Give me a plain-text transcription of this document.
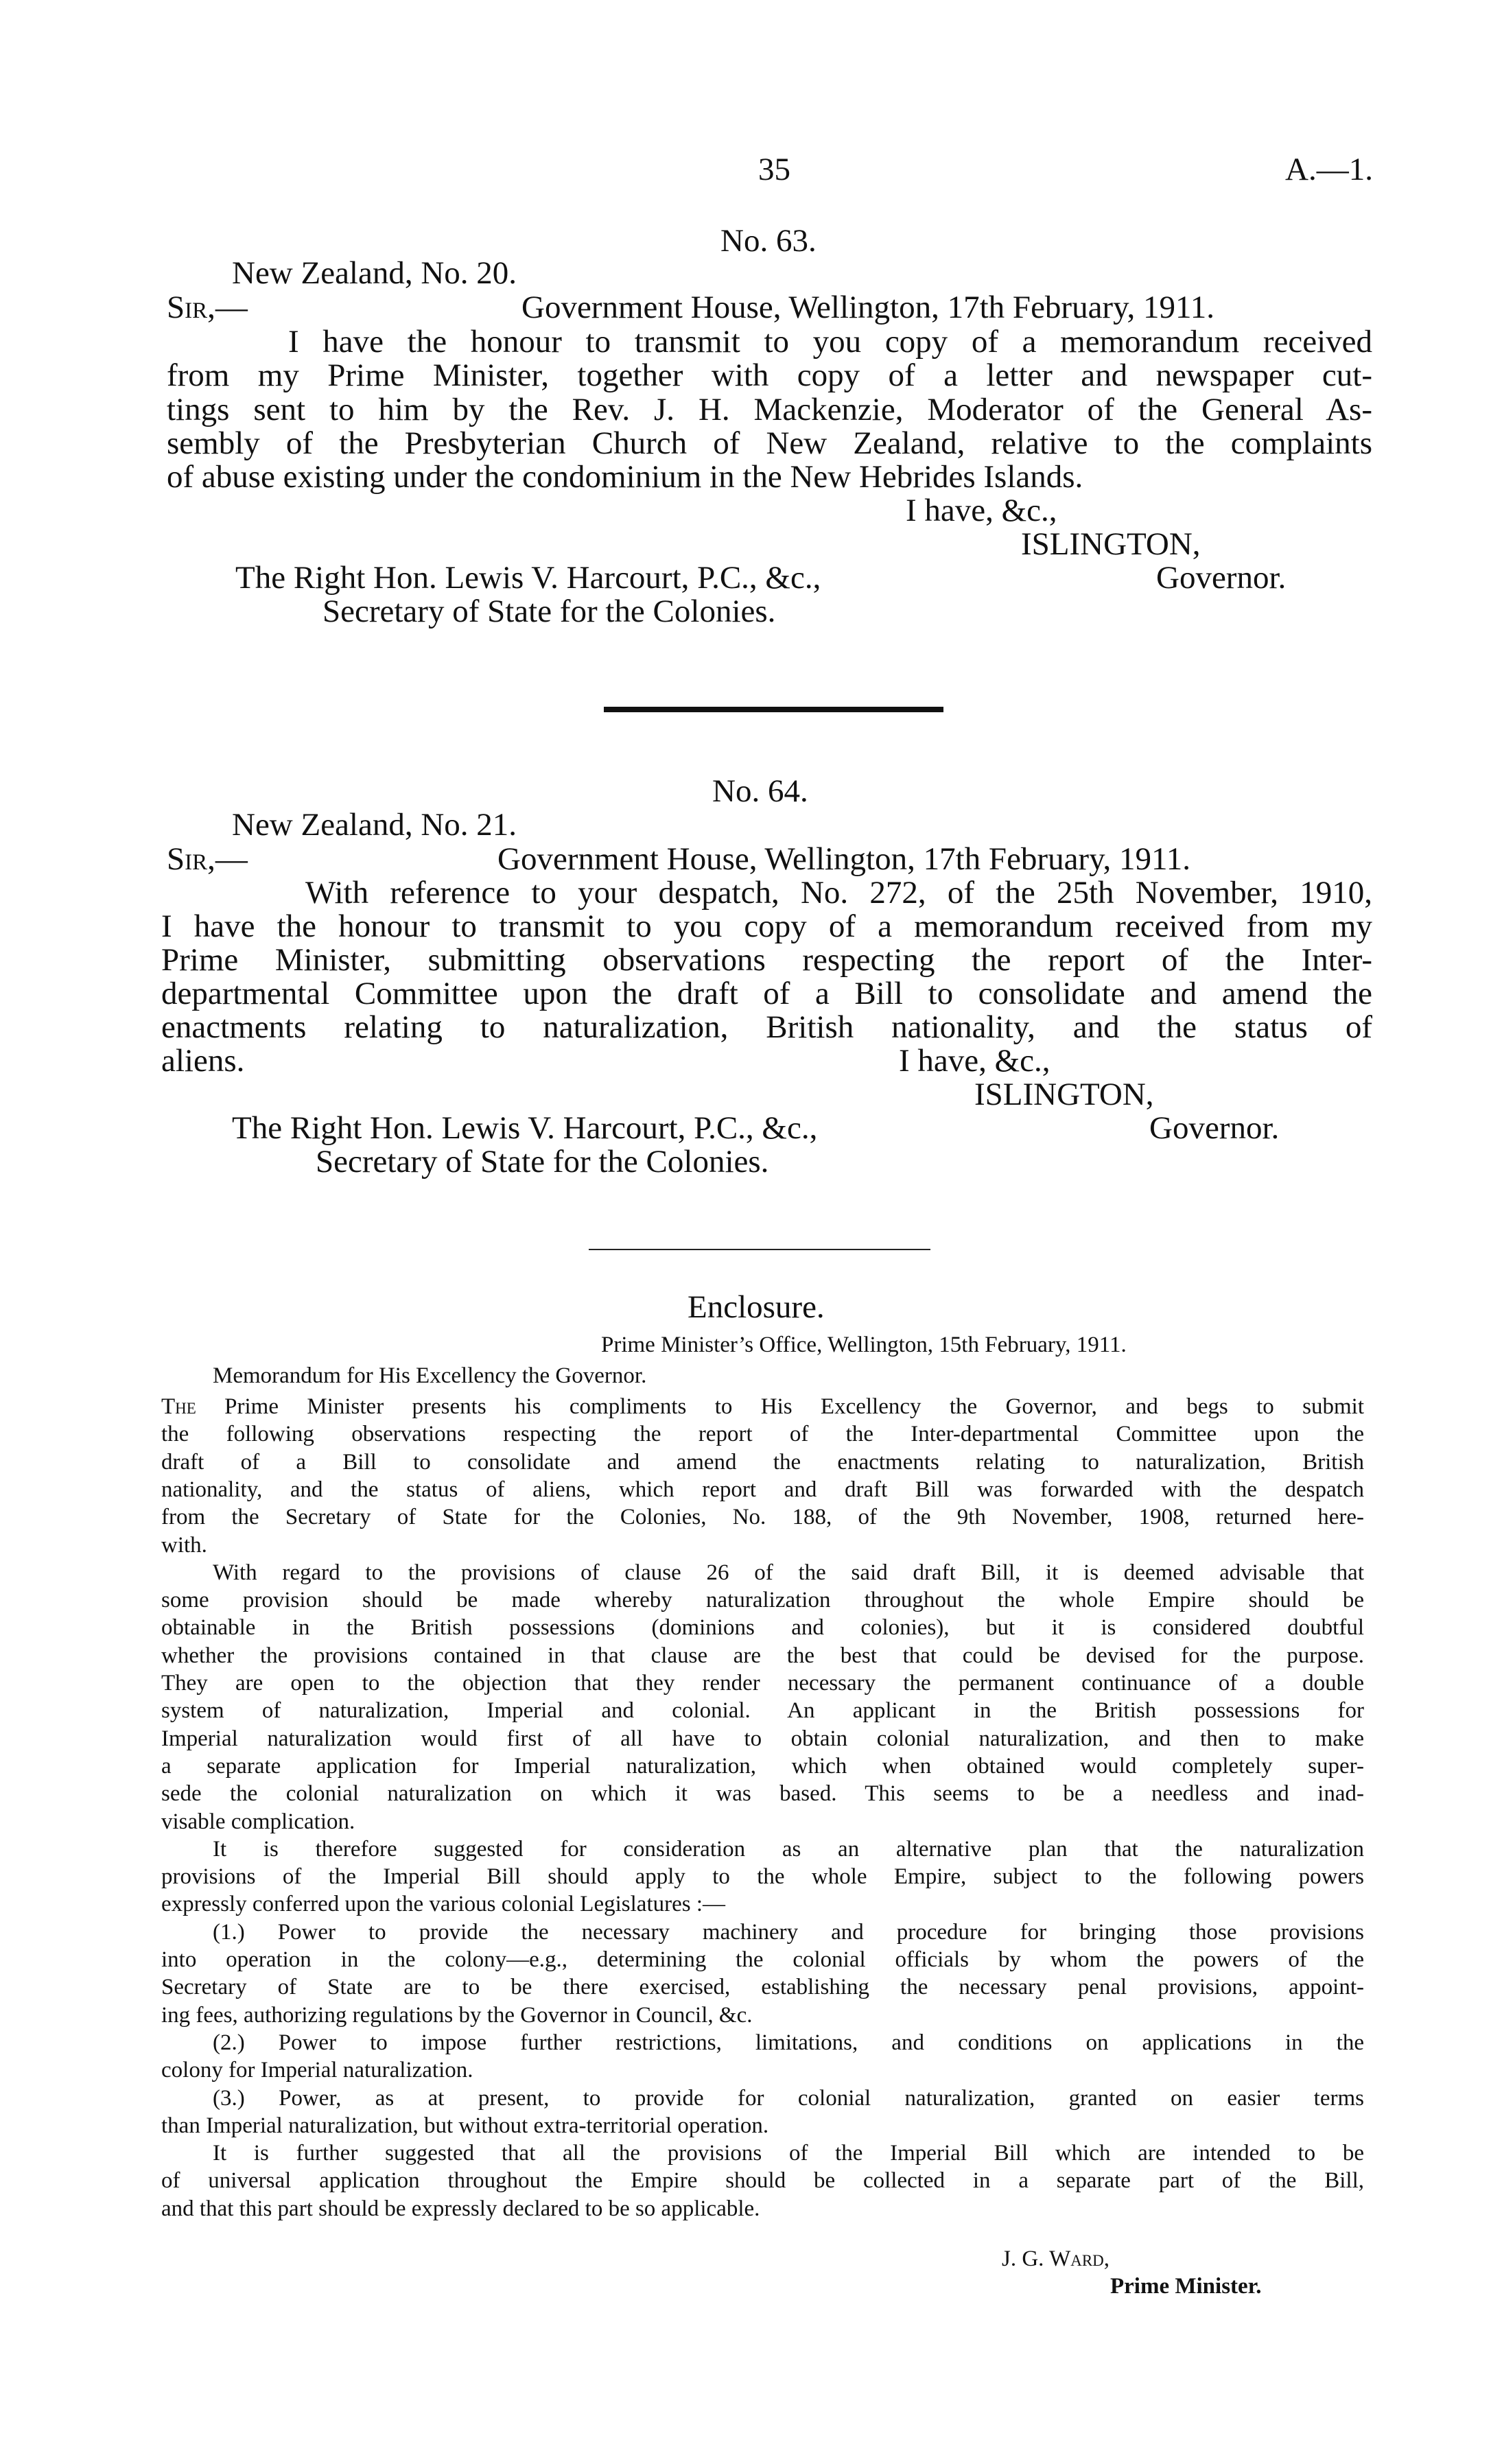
35	A.—1.
No. 63.
New Zealand, No. 20.
Sir,—	Government House, Wellington, 17th February, 1911.
I have the honour to transmit to you copy of a memorandum received
from my Prime Minister, together with copy of a letter and newspaper cut-
tings sent to him by the Rev. J. H. Mackenzie, Moderator of the General As-
sembly of the Presbyterian Church of New Zealand, relative to the complaints
of abuse existing under the condominium in the New Hebrides Islands.
I have, &c.,
ISLINGTON,
The Right Hon. Lewis V. Harcourt, P.C., &c.,	Governor.
Secretary of State for the Colonies.
No. 64.
New Zealand, No. 21.
Sir,—	Government House, Wellington, 17th February, 1911.
With reference to your despatch, No. 272, of the 25th November, 1910,
I have the honour to transmit to you copy of a memorandum received from my
Prime Minister, submitting observations respecting the report of the Inter-
departmental Committee upon the draft of a Bill to consolidate and amend the
enactments relating to naturalization, British nationality, and the status of
aliens.	I have, &c.,
ISLINGTON,
The Right Hon. Lewis V. Harcourt, P.C., &c.,	Governor.
Secretary of State for the Colonies.
Enclosure.
Prime Minister’s Office, Wellington, 15th February, 1911.
Memorandum for His Excellency the Governor.
The Prime Minister presents his compliments to His Excellency the Governor, and begs to submit
the following observations respecting the report of the Inter-departmental Committee upon the
draft of a Bill to consolidate and amend the enactments relating to naturalization, British
nationality, and the status of aliens, which report and draft Bill was forwarded with the despatch
from the Secretary of State for the Colonies, No. 188, of the 9th November, 1908, returned here-
with.
With regard to the provisions of clause 26 of the said draft Bill, it is deemed advisable that
some provision should be made whereby naturalization throughout the whole Empire should be
obtainable in the British possessions (dominions and colonies), but it is considered doubtful
whether the provisions contained in that clause are the best that could be devised for the purpose.
They are open to the objection that they render necessary the permanent continuance of a double
system of naturalization, Imperial and colonial. An applicant in the British possessions for
Imperial naturalization would first of all have to obtain colonial naturalization, and then to make
a separate application for Imperial naturalization, which when obtained would completely super-
sede the colonial naturalization on which it was based. This seems to be a needless and inad-
visable complication.
It is therefore suggested for consideration as an alternative plan that the naturalization
provisions of the Imperial Bill should apply to the whole Empire, subject to the following powers
expressly conferred upon the various colonial Legislatures :—
(1.) Power to provide the necessary machinery and procedure for bringing those provisions
into operation in the colony—e.g., determining the colonial officials by whom the powers of the
Secretary of State are to be there exercised, establishing the necessary penal provisions, appoint-
ing fees, authorizing regulations by the Governor in Council, &c.
(2.) Power to impose further restrictions, limitations, and conditions on applications in the
colony for Imperial naturalization.
(3.) Power, as at present, to provide for colonial naturalization, granted on easier terms
than Imperial naturalization, but without extra-territorial operation.
It is further suggested that all the provisions of the Imperial Bill which are intended to be
of universal application throughout the Empire should be collected in a separate part of the Bill,
and that this part should be expressly declared to be so applicable.
J. G. Ward,
Prime Minister.
